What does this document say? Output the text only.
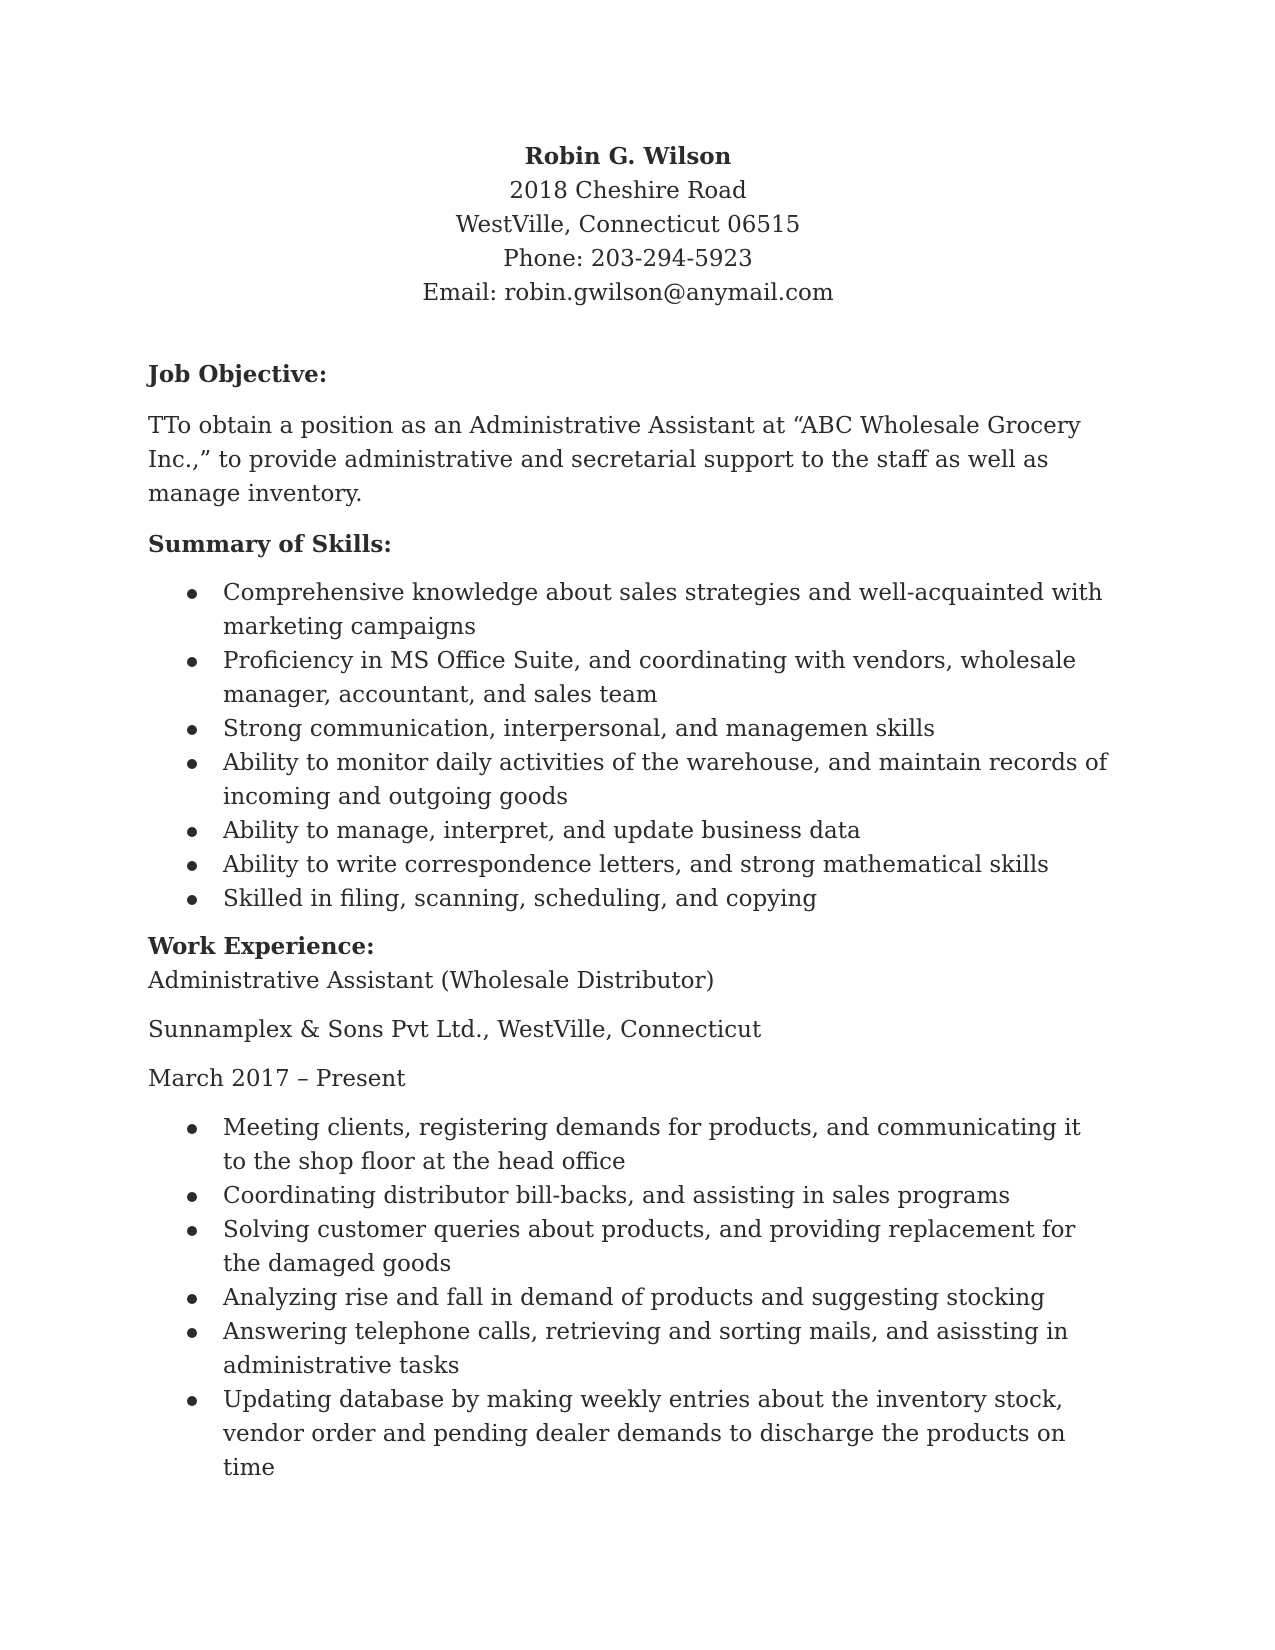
Robin G. Wilson
2018 Cheshire Road
WestVille, Connecticut 06515
Phone: 203-294-5923
Email: robin.gwilson@anymail.com
Job Objective:
TTo obtain a position as an Administrative Assistant at “ABC Wholesale Grocery Inc.,” to provide administrative and secretarial support to the staff as well as manage inventory.
Summary of Skills:
Comprehensive knowledge about sales strategies and well-acquainted with marketing campaigns
Proficiency in MS Office Suite, and coordinating with vendors, wholesale manager, accountant, and sales team
Strong communication, interpersonal, and managemen skills
Ability to monitor daily activities of the warehouse, and maintain records of incoming and outgoing goods
Ability to manage, interpret, and update business data
Ability to write correspondence letters, and strong mathematical skills
Skilled in filing, scanning, scheduling, and copying
Work Experience:
Administrative Assistant (Wholesale Distributor)
Sunnamplex & Sons Pvt Ltd., WestVille, Connecticut
March 2017 – Present
Meeting clients, registering demands for products, and communicating it to the shop floor at the head office
Coordinating distributor bill-backs, and assisting in sales programs
Solving customer queries about products, and providing replacement for the damaged goods
Analyzing rise and fall in demand of products and suggesting stocking
Answering telephone calls, retrieving and sorting mails, and asissting in administrative tasks
Updating database by making weekly entries about the inventory stock, vendor order and pending dealer demands to discharge the products on time
